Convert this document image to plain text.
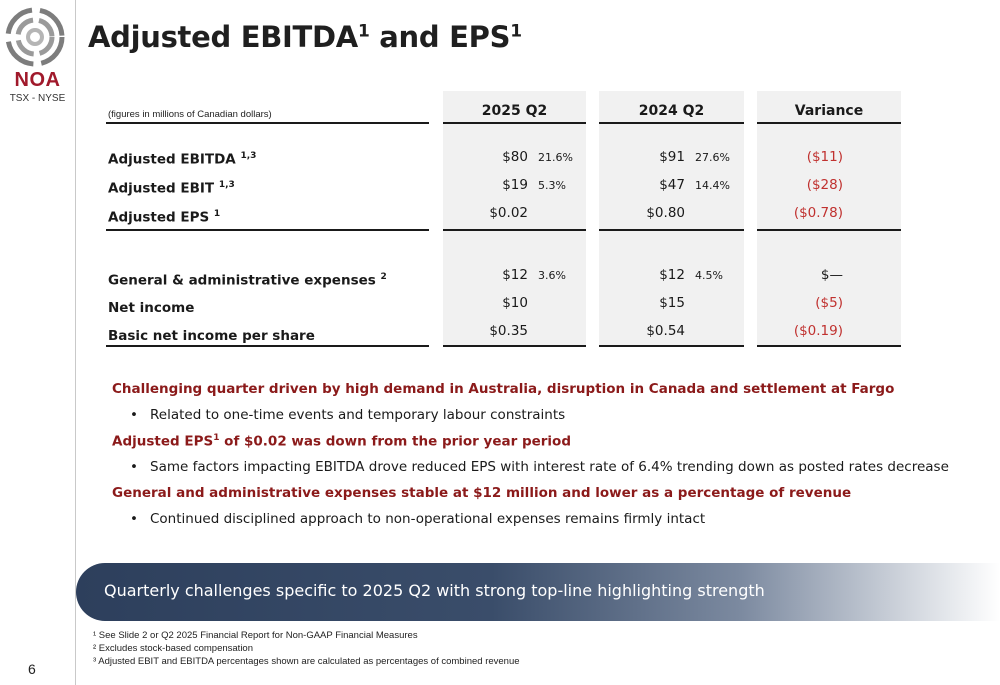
NOA
TSX - NYSE
6
Adjusted EBITDA$^1$ and EPS$^1$
(figures in millions of Canadian dollars)	2025 Q2	2024 Q2	Variance
Adjusted EBITDA $^{1,3}$	$80 21.6%	$91 27.6%	($11)
Adjusted EBIT $^{1,3}$	$19 5.3%	$47 14.4%	($28)
Adjusted EPS $^1$	$0.02	$0.80	($0.78)
General & administrative expenses $^2$	$12 3.6%	$12 4.5%	$—
Net income	$10	$15	($5)
Basic net income per share	$0.35	$0.54	($0.19)
Challenging quarter driven by high demand in Australia, disruption in Canada and settlement at Fargo
• Related to one-time events and temporary labour constraints
Adjusted EPS$^1$ of $0.02 was down from the prior year period
• Same factors impacting EBITDA drove reduced EPS with interest rate of 6.4% trending down as posted rates decrease
General and administrative expenses stable at $12 million and lower as a percentage of revenue
• Continued disciplined approach to non-operational expenses remains firmly intact
Quarterly challenges specific to 2025 Q2 with strong top-line highlighting strength
¹ See Slide 2 or Q2 2025 Financial Report for Non-GAAP Financial Measures
² Excludes stock-based compensation
³ Adjusted EBIT and EBITDA percentages shown are calculated as percentages of combined revenue
